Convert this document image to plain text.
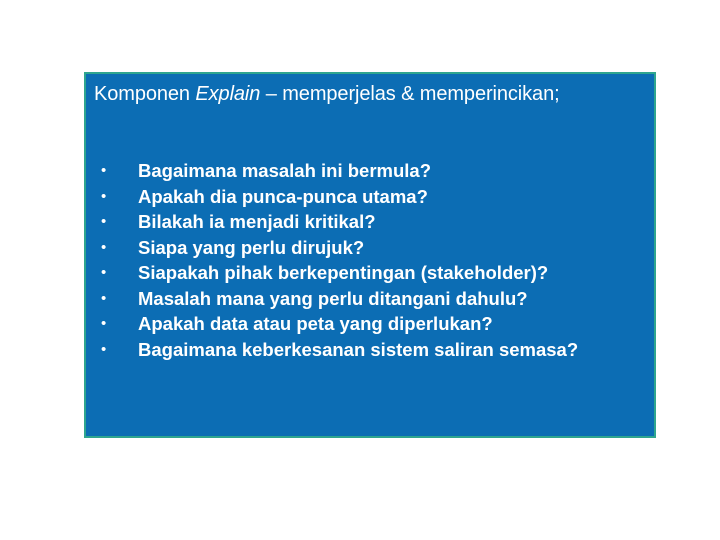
Komponen Explain – memperjelas & memperincikan;
• Bagaimana masalah ini bermula?
• Apakah dia punca-punca utama?
• Bilakah ia menjadi kritikal?
• Siapa yang perlu dirujuk?
• Siapakah pihak berkepentingan (stakeholder)?
• Masalah mana yang perlu ditangani dahulu?
• Apakah data atau peta yang diperlukan?
• Bagaimana keberkesanan sistem saliran semasa?
